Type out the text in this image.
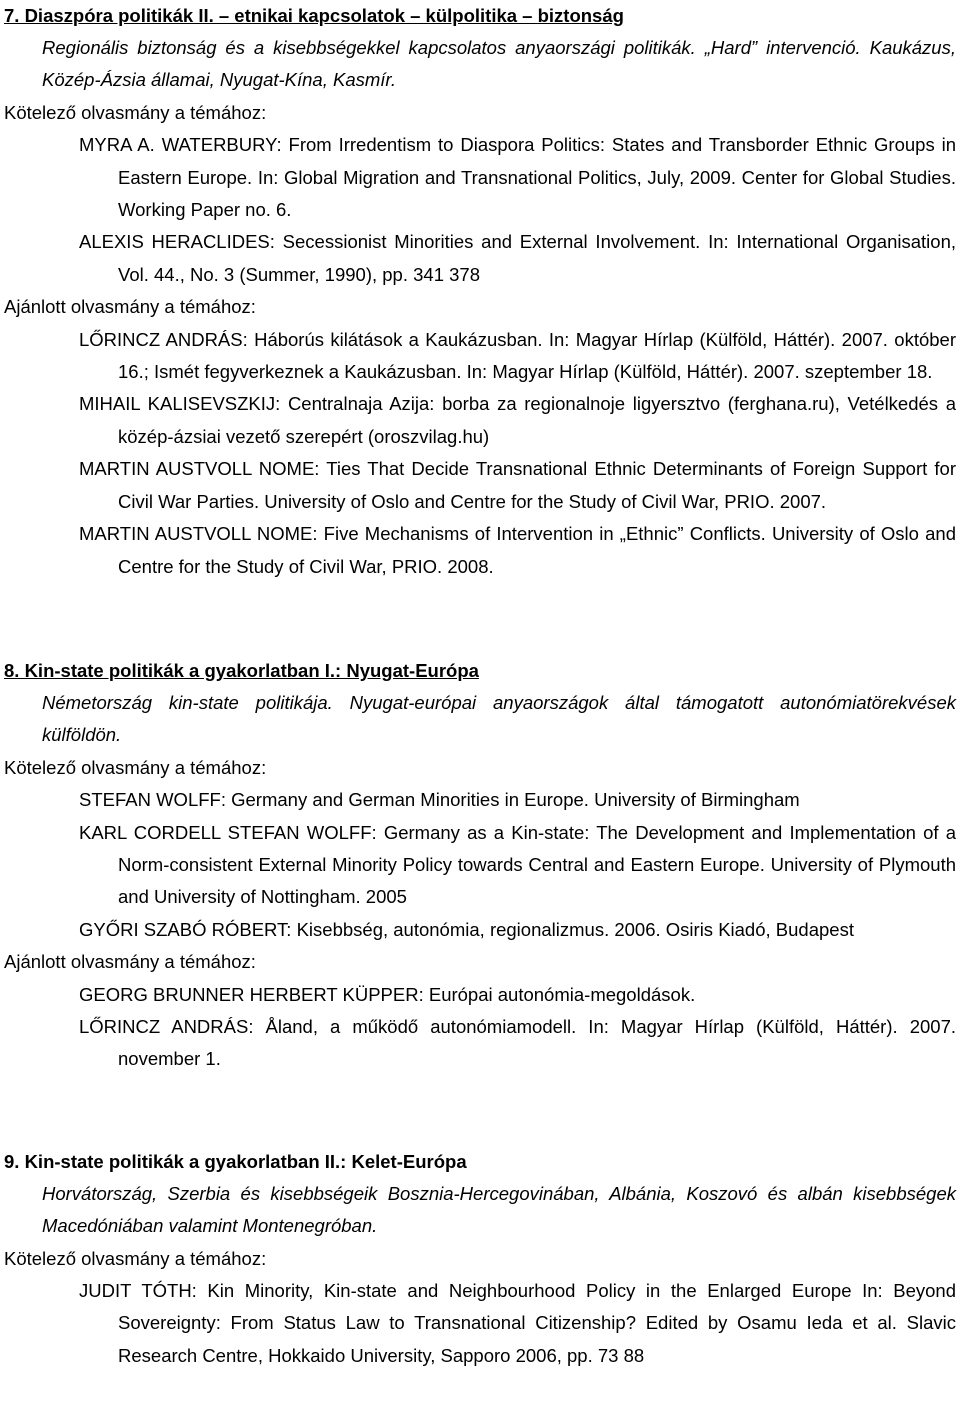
7. Diaszpóra politikák II. – etnikai kapcsolatok – külpolitika – biztonság

Regionális biztonság és a kisebbségekkel kapcsolatos anyaországi politikák. „Hard” intervenció. Kaukázus, Közép-Ázsia államai, Nyugat-Kína, Kasmír.

Kötelező olvasmány a témához:

MYRA A. WATERBURY: From Irredentism to Diaspora Politics: States and Transborder Ethnic Groups in Eastern Europe. In: Global Migration and Transnational Politics, July, 2009. Center for Global Studies. Working Paper no. 6.
ALEXIS HERACLIDES: Secessionist Minorities and External Involvement. In: International Organisation, Vol. 44., No. 3 (Summer, 1990), pp. 341 378

Ajánlott olvasmány a témához:

LŐRINCZ ANDRÁS: Háborús kilátások a Kaukázusban. In: Magyar Hírlap (Külföld, Háttér). 2007. október 16.; Ismét fegyverkeznek a Kaukázusban. In: Magyar Hírlap (Külföld, Háttér). 2007. szeptember 18.
MIHAIL KALISEVSZKIJ: Centralnaja Azija: borba za regionalnoje ligyersztvo (ferghana.ru), Vetélkedés a közép-ázsiai vezető szerepért (oroszvilag.hu)
MARTIN AUSTVOLL NOME: Ties That Decide Transnational Ethnic Determinants of Foreign Support for Civil War Parties. University of Oslo and Centre for the Study of Civil War, PRIO. 2007.
MARTIN AUSTVOLL NOME: Five Mechanisms of Intervention in „Ethnic” Conflicts. University of Oslo and Centre for the Study of Civil War, PRIO. 2008.
8. Kin-state politikák a gyakorlatban I.: Nyugat-Európa

Németország kin-state politikája. Nyugat-európai anyaországok által támogatott autonómiatörekvések külföldön.

Kötelező olvasmány a témához:

STEFAN WOLFF: Germany and German Minorities in Europe. University of Birmingham
KARL CORDELL STEFAN WOLFF: Germany as a Kin-state: The Development and Implementation of a Norm-consistent External Minority Policy towards Central and Eastern Europe. University of Plymouth and University of Nottingham. 2005
GYŐRI SZABÓ RÓBERT: Kisebbség, autonómia, regionalizmus. 2006. Osiris Kiadó, Budapest

Ajánlott olvasmány a témához:

GEORG BRUNNER HERBERT KÜPPER: Európai autonómia-megoldások.
LŐRINCZ ANDRÁS: Åland, a működő autonómiamodell. In: Magyar Hírlap (Külföld, Háttér). 2007. november 1.
9. Kin-state politikák a gyakorlatban II.: Kelet-Európa

Horvátország, Szerbia és kisebbségeik Bosznia-Hercegovinában, Albánia, Koszovó és albán kisebbségek Macedóniában valamint Montenegróban.

Kötelező olvasmány a témához:

JUDIT TÓTH: Kin Minority, Kin-state and Neighbourhood Policy in the Enlarged Europe In: Beyond Sovereignty: From Status Law to Transnational Citizenship? Edited by Osamu Ieda et al. Slavic Research Centre, Hokkaido University, Sapporo 2006, pp. 73 88
